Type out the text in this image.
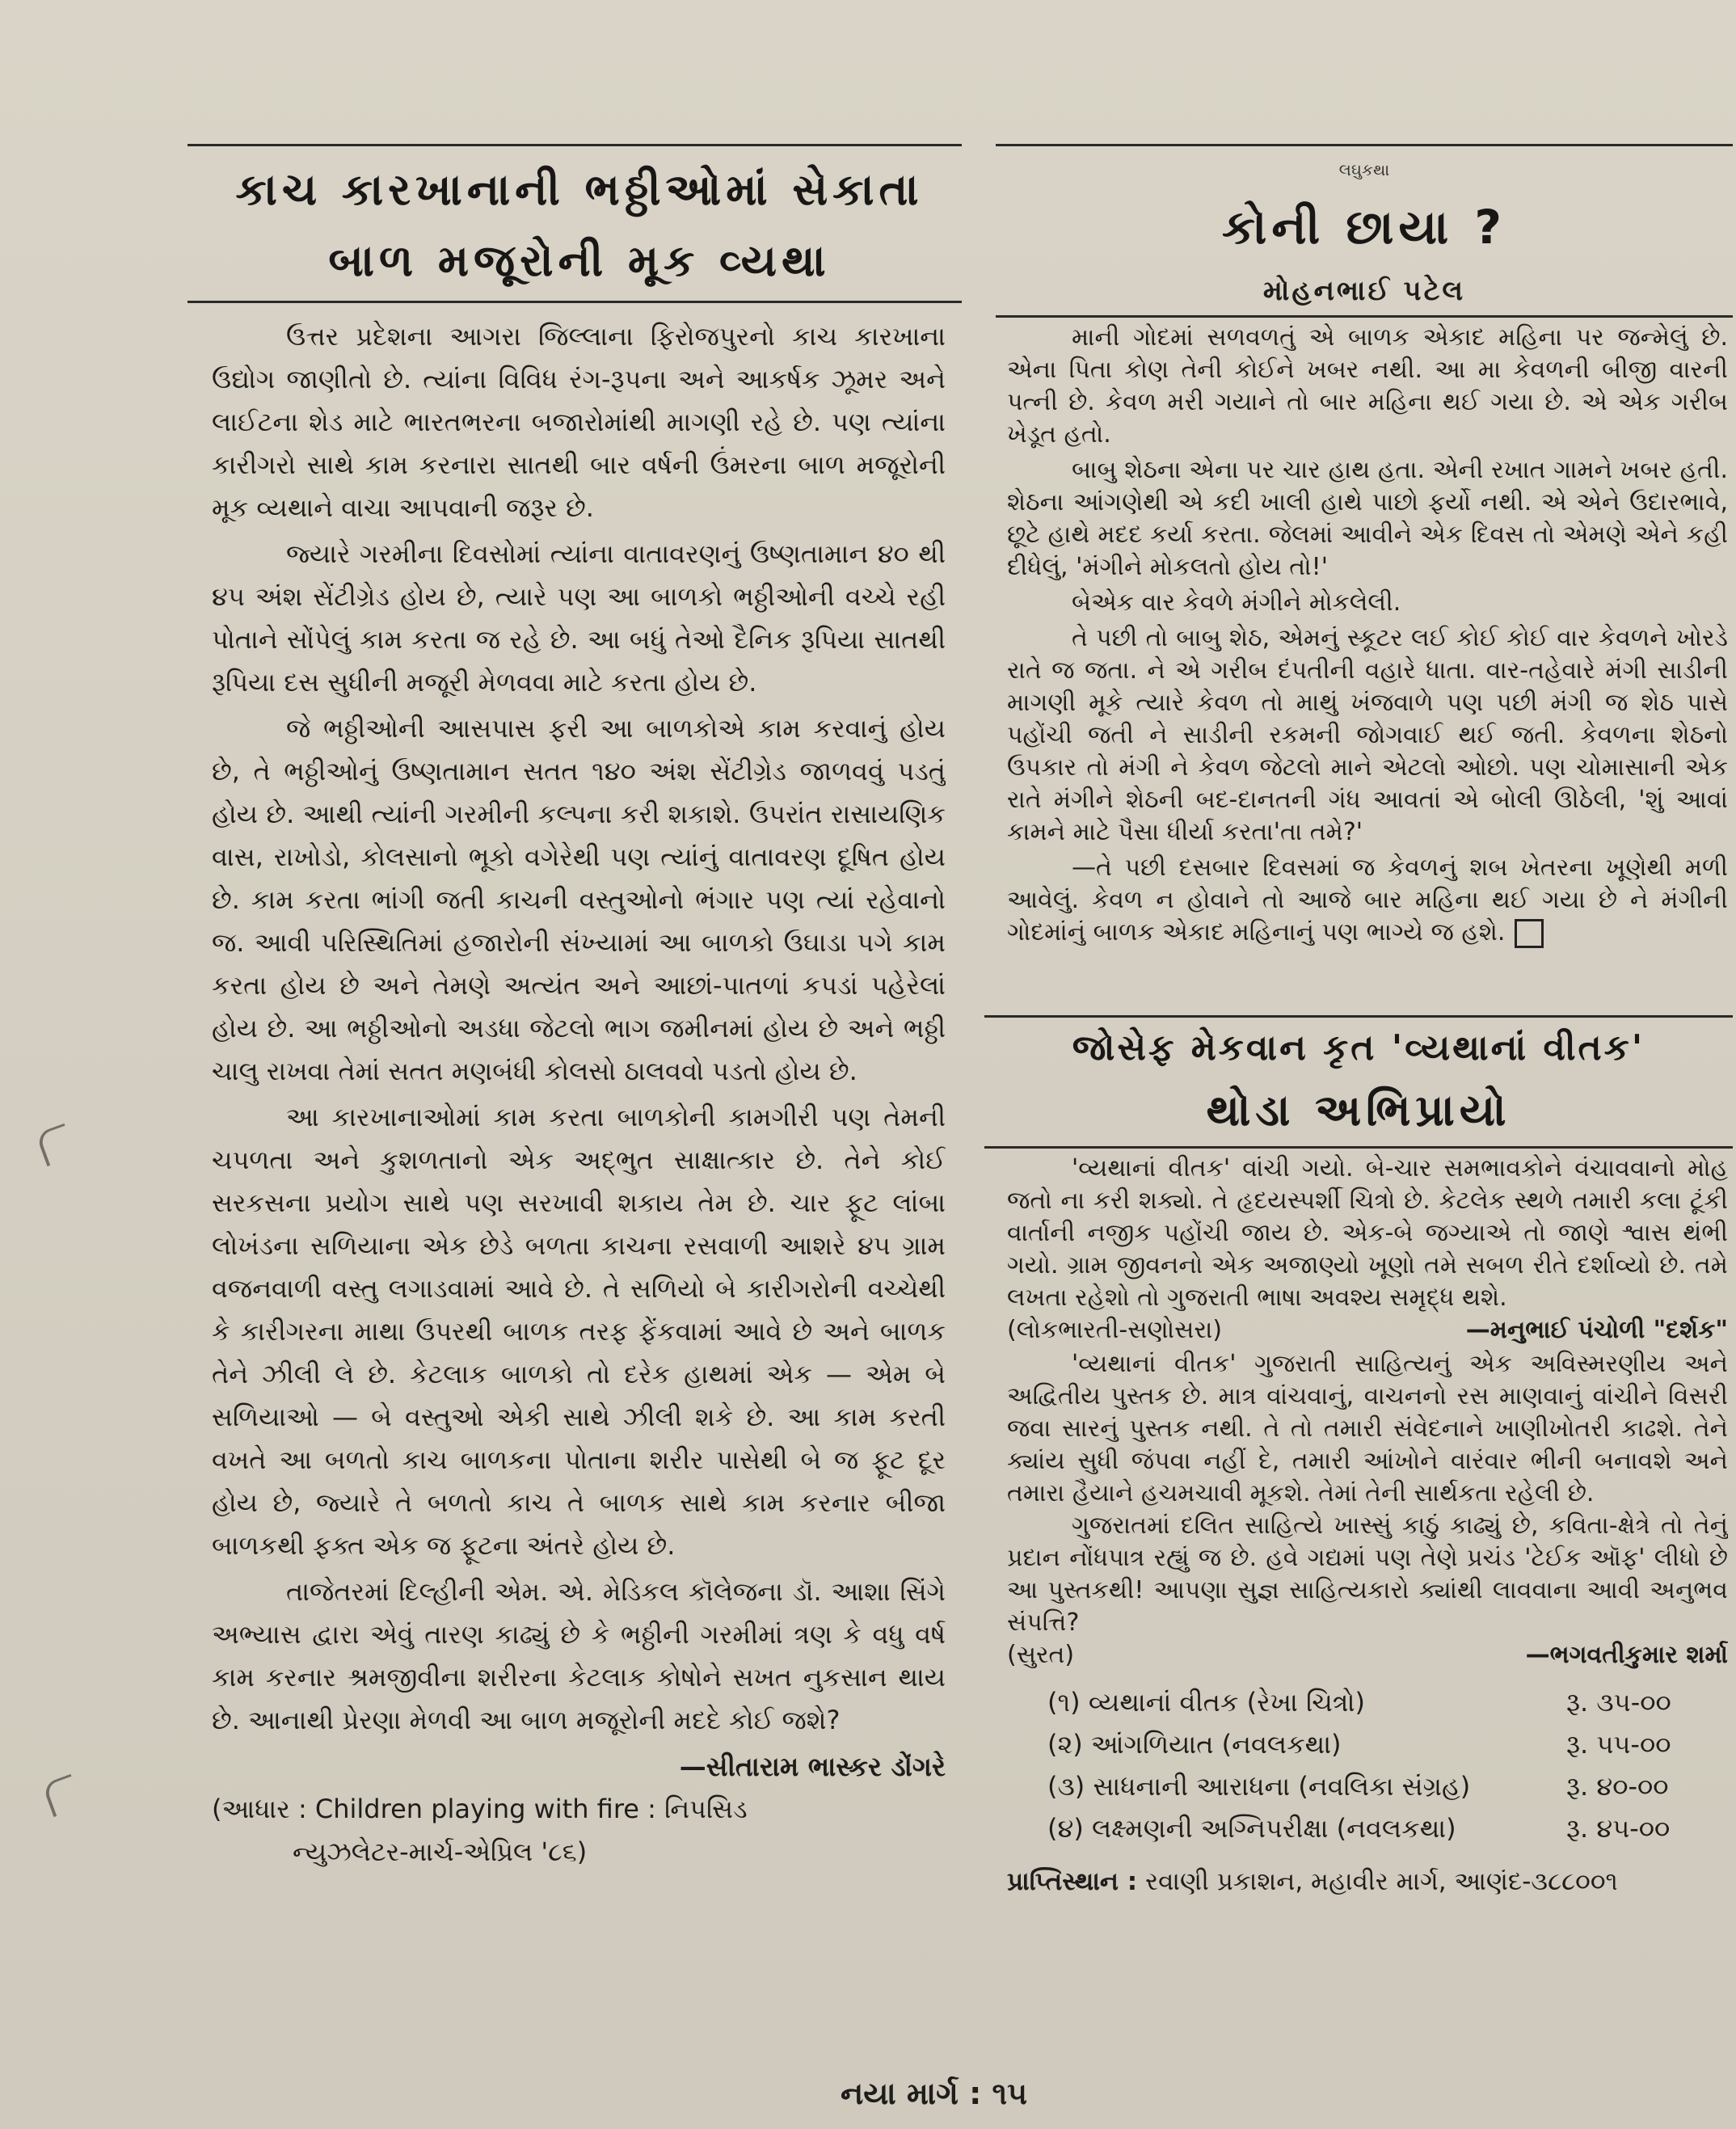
કાચ કારખાનાની ભઠ્ઠીઓમાં સેકાતા
બાળ મજૂરોની મૂક વ્યથા

ઉત્તર પ્રદેશના આગરા જિલ્લાના ફિરોજપુરનો કાચ કારખાના ઉદ્યોગ જાણીતો છે. ત્યાંના વિવિધ રંગ-રૂપના અને આકર્ષક ઝૂમર અને લાઈટના શેડ માટે ભારતભરના બજારોમાંથી માગણી રહે છે. પણ ત્યાંના કારીગરો સાથે કામ કરનારા સાતથી બાર વર્ષની ઉંમરના બાળ મજૂરોની મૂક વ્યથાને વાચા આપવાની જરૂર છે.

જ્યારે ગરમીના દિવસોમાં ત્યાંના વાતાવરણનું ઉષ્ણતામાન ૪૦ થી ૪૫ અંશ સેંટીગ્રેડ હોય છે, ત્યારે પણ આ બાળકો ભઠ્ઠીઓની વચ્ચે રહી પોતાને સોંપેલું કામ કરતા જ રહે છે. આ બધું તેઓ દૈનિક રૂપિયા સાતથી રૂપિયા દસ સુધીની મજૂરી મેળવવા માટે કરતા હોય છે.

જે ભઠ્ઠીઓની આસપાસ ફરી આ બાળકોએ કામ કરવાનું હોય છે, તે ભઠ્ઠીઓનું ઉષ્ણતામાન સતત ૧૪૦ અંશ સેંટીગ્રેડ જાળવવું પડતું હોય છે. આથી ત્યાંની ગરમીની કલ્પના કરી શકાશે. ઉપરાંત રાસાયણિક વાસ, રાખોડો, કોલસાનો ભૂકો વગેરેથી પણ ત્યાંનું વાતાવરણ દૂષિત હોય છે. કામ કરતા ભાંગી જતી કાચની વસ્તુઓનો ભંગાર પણ ત્યાં રહેવાનો જ. આવી પરિસ્થિતિમાં હજારોની સંખ્યામાં આ બાળકો ઉઘાડા પગે કામ કરતા હોય છે અને તેમણે અત્યંત અને આછાં-પાતળાં કપડાં પહેરેલાં હોય છે. આ ભઠ્ઠીઓનો અડધા જેટલો ભાગ જમીનમાં હોય છે અને ભઠ્ઠી ચાલુ રાખવા તેમાં સતત મણબંધી કોલસો ઠાલવવો પડતો હોય છે.

આ કારખાનાઓમાં કામ કરતા બાળકોની કામગીરી પણ તેમની ચપળતા અને કુશળતાનો એક અદ્ભુત સાક્ષાત્કાર છે. તેને કોઈ સરકસના પ્રયોગ સાથે પણ સરખાવી શકાય તેમ છે. ચાર ફૂટ લાંબા લોખંડના સળિયાના એક છેડે બળતા કાચના રસવાળી આશરે ૪૫ ગ્રામ વજનવાળી વસ્તુ લગાડવામાં આવે છે. તે સળિયો બે કારીગરોની વચ્ચેથી કે કારીગરના માથા ઉપરથી બાળક તરફ ફેંકવામાં આવે છે અને બાળક તેને ઝીલી લે છે. કેટલાક બાળકો તો દરેક હાથમાં એક — એમ બે સળિયાઓ — બે વસ્તુઓ એકી સાથે ઝીલી શકે છે. આ કામ કરતી વખતે આ બળતો કાચ બાળકના પોતાના શરીર પાસેથી બે જ ફૂટ દૂર હોય છે, જ્યારે તે બળતો કાચ તે બાળક સાથે કામ કરનાર બીજા બાળકથી ફક્ત એક જ ફૂટના અંતરે હોય છે.

તાજેતરમાં દિલ્હીની એમ. એ. મેડિકલ કૉલેજના ડૉ. આશા સિંગે અભ્યાસ દ્વારા એવું તારણ કાઢ્યું છે કે ભઠ્ઠીની ગરમીમાં ત્રણ કે વધુ વર્ષ કામ કરનાર શ્રમજીવીના શરીરના કેટલાક કોષોને સખત નુકસાન થાય છે. આનાથી પ્રેરણા મેળવી આ બાળ મજૂરોની મદદે કોઈ જશે?

—સીતારામ ભાસ્કર ડોંગરે
(આધાર : Children playing with fire : નિપસિડ
ન્યુઝલેટર-માર્ચ-એપ્રિલ '૮૬)
લઘુકથા
કોની છાયા ?
મોહનભાઈ પટેલ

માની ગોદમાં સળવળતું એ બાળક એકાદ મહિના પર જન્મેલું છે. એના પિતા કોણ તેની કોઈને ખબર નથી. આ મા કેવળની બીજી વારની પત્ની છે. કેવળ મરી ગયાને તો બાર મહિના થઈ ગયા છે. એ એક ગરીબ ખેડૂત હતો.

બાબુ શેઠના એના પર ચાર હાથ હતા. એની રખાત ગામને ખબર હતી. શેઠના આંગણેથી એ કદી ખાલી હાથે પાછો ફર્યો નથી. એ એને ઉદારભાવે, છૂટે હાથે મદદ કર્યા કરતા. જેલમાં આવીને એક દિવસ તો એમણે એને કહી દીધેલું, 'મંગીને મોકલતો હોય તો!'

બેએક વાર કેવળે મંગીને મોકલેલી.

તે પછી તો બાબુ શેઠ, એમનું સ્કૂટર લઈ કોઈ કોઈ વાર કેવળને ખોરડે રાતે જ જતા. ને એ ગરીબ દંપતીની વહારે ધાતા. વાર-તહેવારે મંગી સાડીની માગણી મૂકે ત્યારે કેવળ તો માથું ખંજવાળે પણ પછી મંગી જ શેઠ પાસે પહોંચી જતી ને સાડીની રકમની જોગવાઈ થઈ જતી. કેવળના શેઠનો ઉપકાર તો મંગી ને કેવળ જેટલો માને એટલો ઓછો. પણ ચોમાસાની એક રાતે મંગીને શેઠની બદ-દાનતની ગંધ આવતાં એ બોલી ઊઠેલી, 'શું આવાં કામને માટે પૈસા ધીર્યા કરતા'તા તમે?'

—તે પછી દસબાર દિવસમાં જ કેવળનું શબ ખેતરના ખૂણેથી મળી આવેલું. કેવળ ન હોવાને તો આજે બાર મહિના થઈ ગયા છે ને મંગીની ગોદમાંનું બાળક એકાદ મહિનાનું પણ ભાગ્યે જ હશે.

જોસેફ મેકવાન કૃત 'વ્યથાનાં વીતક'
થોડા અભિપ્રાયો

'વ્યથાનાં વીતક' વાંચી ગયો. બે-ચાર સમભાવકોને વંચાવવાનો મોહ જતો ના કરી શક્યો. તે હૃદયસ્પર્શી ચિત્રો છે. કેટલેક સ્થળે તમારી કલા ટૂંકી વાર્તાની નજીક પહોંચી જાય છે. એક-બે જગ્યાએ તો જાણે શ્વાસ થંભી ગયો. ગ્રામ જીવનનો એક અજાણ્યો ખૂણો તમે સબળ રીતે દર્શાવ્યો છે. તમે લખતા રહેશો તો ગુજરાતી ભાષા અવશ્ય સમૃદ્ધ થશે.

(લોકભારતી-સણોસરા)	—મનુભાઈ પંચોળી "દર્શક"

'વ્યથાનાં વીતક' ગુજરાતી સાહિત્યનું એક અવિસ્મરણીય અને અદ્વિતીય પુસ્તક છે. માત્ર વાંચવાનું, વાચનનો રસ માણવાનું વાંચીને વિસરી જવા સારનું પુસ્તક નથી. તે તો તમારી સંવેદનાને ખાણીખોતરી કાઢશે. તેને ક્યાંય સુધી જંપવા નહીં દે, તમારી આંખોને વારંવાર ભીની બનાવશે અને તમારા હૈયાને હચમચાવી મૂકશે. તેમાં તેની સાર્થકતા રહેલી છે.

ગુજરાતમાં દલિત સાહિત્યે ખાસ્સું કાઠું કાઢ્યું છે, કવિતા-ક્ષેત્રે તો તેનું પ્રદાન નોંધપાત્ર રહ્યું જ છે. હવે ગદ્યમાં પણ તેણે પ્રચંડ 'ટેઈક ઑફ' લીધો છે આ પુસ્તકથી! આપણા સુજ્ઞ સાહિત્યકારો ક્યાંથી લાવવાના આવી અનુભવ સંપત્તિ?

(સુરત)	—ભગવતીકુમાર શર્મા
(૧) વ્યથાનાં વીતક (રેખા ચિત્રો)	રૂ. ૩૫-૦૦
(૨) આંગળિયાત (નવલકથા)	રૂ. ૫૫-૦૦
(૩) સાધનાની આરાધના (નવલિકા સંગ્રહ)	રૂ. ૪૦-૦૦
(૪) લક્ષ્મણની અગ્નિપરીક્ષા (નવલકથા)	રૂ. ૪૫-૦૦
પ્રાપ્તિસ્થાન : રવાણી પ્રકાશન, મહાવીર માર્ગ, આણંદ-૩૮૮૦૦૧
નયા માર્ગ : ૧૫
